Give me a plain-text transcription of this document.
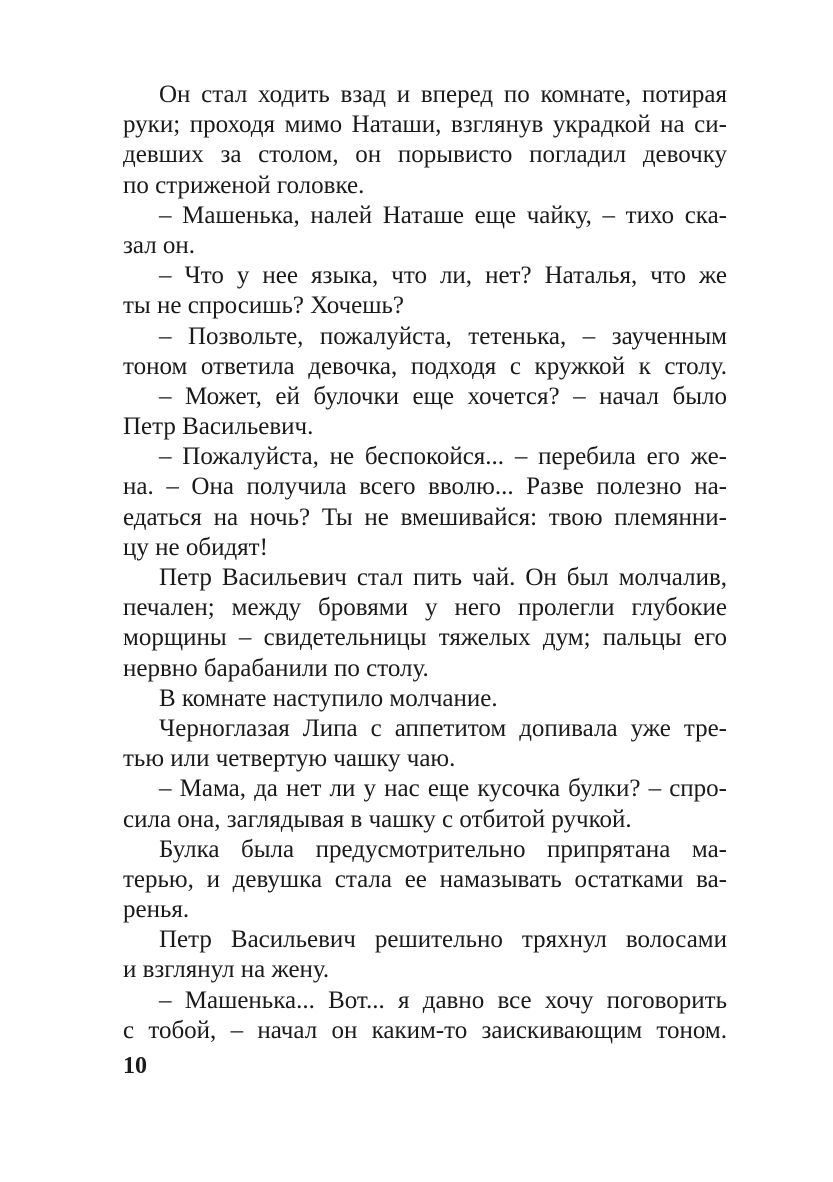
Он стал ходить взад и вперед по комнате, потирая
руки; проходя мимо Наташи, взглянув украдкой на си-
девших за столом, он порывисто погладил девочку
по стриженой головке.
– Машенька, налей Наташе еще чайку, – тихо ска-
зал он.
– Что у нее языка, что ли, нет? Наталья, что же
ты не спросишь? Хочешь?
– Позвольте, пожалуйста, тетенька, – заученным
тоном ответила девочка, подходя с кружкой к столу.
– Может, ей булочки еще хочется? – начал было
Петр Васильевич.
– Пожалуйста, не беспокойся... – перебила его же-
на. – Она получила всего вволю... Разве полезно на-
едаться на ночь? Ты не вмешивайся: твою племянни-
цу не обидят!
Петр Васильевич стал пить чай. Он был молчалив,
печален; между бровями у него пролегли глубокие
морщины – свидетельницы тяжелых дум; пальцы его
нервно барабанили по столу.
В комнате наступило молчание.
Черноглазая Липа с аппетитом допивала уже тре-
тью или четвертую чашку чаю.
– Мама, да нет ли у нас еще кусочка булки? – спро-
сила она, заглядывая в чашку с отбитой ручкой.
Булка была предусмотрительно припрятана ма-
терью, и девушка стала ее намазывать остатками ва-
ренья.
Петр Васильевич решительно тряхнул волосами
и взглянул на жену.
– Машенька... Вот... я давно все хочу поговорить
с тобой, – начал он каким-то заискивающим тоном.
10
